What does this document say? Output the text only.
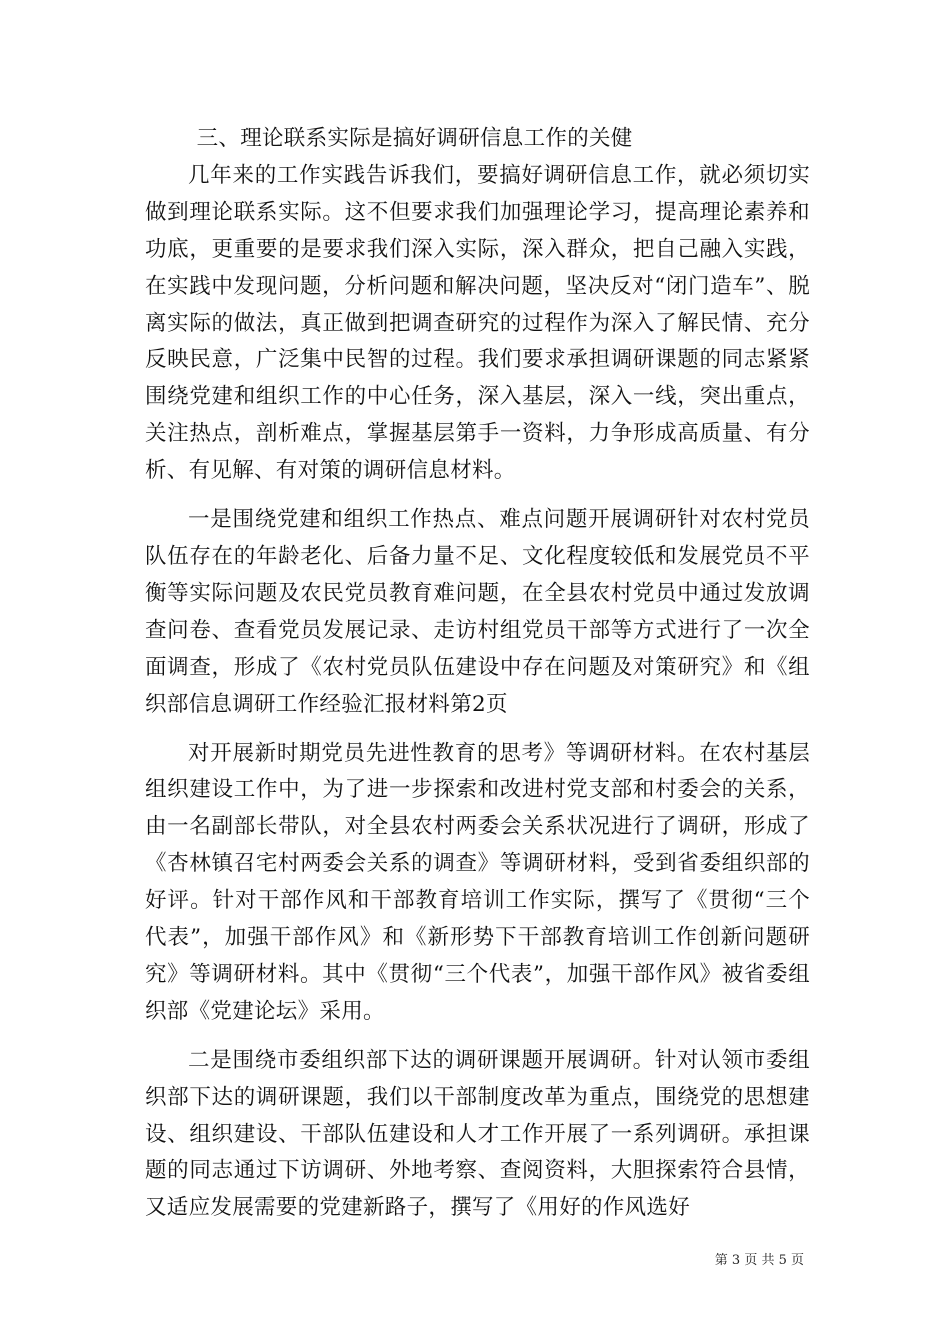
三、理论联系实际是搞好调研信息工作的关健

几年来的工作实践告诉我们，要搞好调研信息工作，就必须切实做到理论联系实际。这不但要求我们加强理论学习，提高理论素养和功底，更重要的是要求我们深入实际，深入群众，把自己融入实践，在实践中发现问题，分析问题和解决问题，坚决反对“闭门造车”、脱离实际的做法，真正做到把调查研究的过程作为深入了解民情、充分反映民意，广泛集中民智的过程。我们要求承担调研课题的同志紧紧围绕党建和组织工作的中心任务，深入基层，深入一线，突出重点，关注热点，剖析难点，掌握基层第手一资料，力争形成高质量、有分析、有见解、有对策的调研信息材料。

一是围绕党建和组织工作热点、难点问题开展调研针对农村党员队伍存在的年龄老化、后备力量不足、文化程度较低和发展党员不平衡等实际问题及农民党员教育难问题，在全县农村党员中通过发放调查问卷、查看党员发展记录、走访村组党员干部等方式进行了一次全面调查，形成了《农村党员队伍建设中存在问题及对策研究》和《组织部信息调研工作经验汇报材料第2页

对开展新时期党员先进性教育的思考》等调研材料。在农村基层组织建设工作中，为了进一步探索和改进村党支部和村委会的关系，由一名副部长带队，对全县农村两委会关系状况进行了调研，形成了《杏林镇召宅村两委会关系的调查》等调研材料，受到省委组织部的好评。针对干部作风和干部教育培训工作实际，撰写了《贯彻“三个代表”，加强干部作风》和《新形势下干部教育培训工作创新问题研究》等调研材料。其中《贯彻“三个代表”，加强干部作风》被省委组织部《党建论坛》采用。

二是围绕市委组织部下达的调研课题开展调研。针对认领市委组织部下达的调研课题，我们以干部制度改革为重点，围绕党的思想建设、组织建设、干部队伍建设和人才工作开展了一系列调研。承担课题的同志通过下访调研、外地考察、查阅资料，大胆探索符合县情，又适应发展需要的党建新路子，撰写了《用好的作风选好

第 3 页 共 5 页
